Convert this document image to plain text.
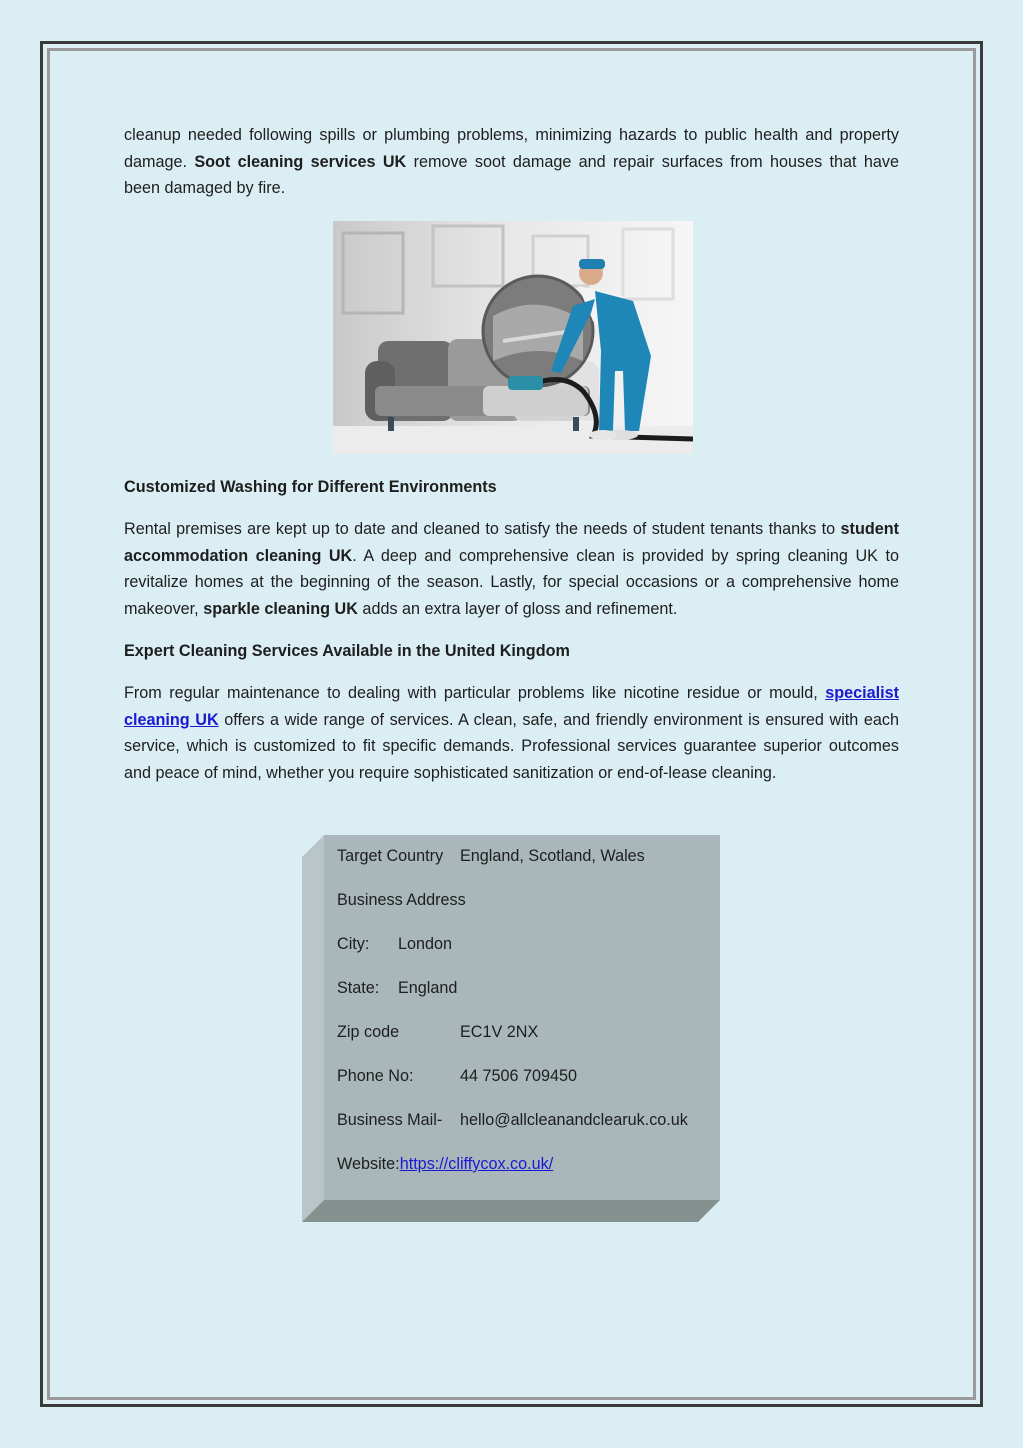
cleanup needed following spills or plumbing problems, minimizing hazards to public health and property damage. Soot cleaning services UK remove soot damage and repair surfaces from houses that have been damaged by fire.

Customized Washing for Different Environments

Rental premises are kept up to date and cleaned to satisfy the needs of student tenants thanks to student accommodation cleaning UK. A deep and comprehensive clean is provided by spring cleaning UK to revitalize homes at the beginning of the season. Lastly, for special occasions or a comprehensive home makeover, sparkle cleaning UK adds an extra layer of gloss and refinement.

Expert Cleaning Services Available in the United Kingdom

From regular maintenance to dealing with particular problems like nicotine residue or mould, specialist cleaning UK offers a wide range of services. A clean, safe, and friendly environment is ensured with each service, which is customized to fit specific demands. Professional services guarantee superior outcomes and peace of mind, whether you require sophisticated sanitization or end-of-lease cleaning.

Target Country England, Scotland, Wales
Business Address
City: London
State: England
Zip code	EC1V 2NX
Phone No:	44 7506 709450
Business Mail- hello@allcleanandclearuk.co.uk
Website:https://cliffycox.co.uk/
